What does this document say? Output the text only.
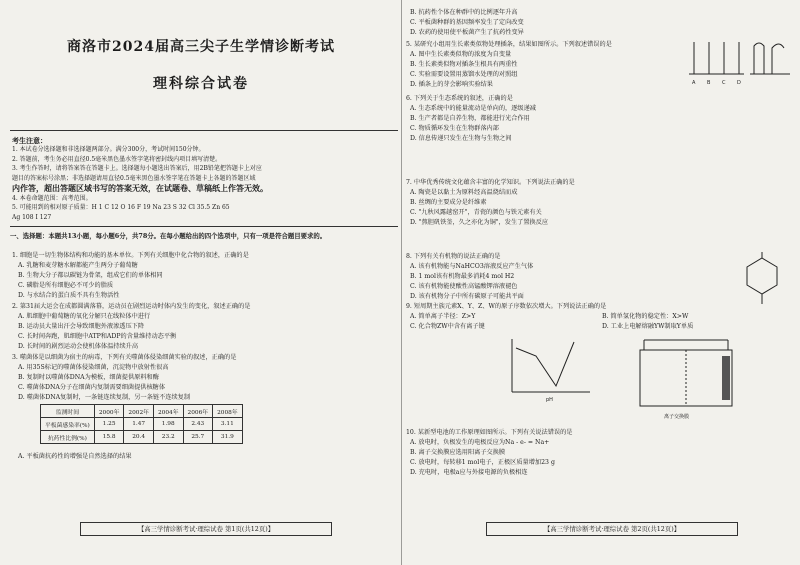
商洛市2024届高三尖子生学情诊断考试
理科综合试卷
考生注意：
1. 本试卷分选择题和非选择题两部分。满分300分，考试时间150分钟。
2. 答题前，考生务必用直径0.5毫米黑色墨水签字笔将密封线内项目填写清楚。
3. 考生作答时，请将答案答在答题卡上。选择题每小题选出答案后，用2B铅笔把答题卡上对应
题目的答案标号涂黑；非选择题请用直径0.5毫米黑色墨水签字笔在答题卡上各题的答题区域
内作答，超出答题区域书写的答案无效，在试题卷、草稿纸上作答无效。
4. 本卷命题范围：高考范围。
5. 可能用到的相对原子质量：H 1 C 12 O 16 F 19 Na 23 S 32 Cl 35.5 Zn 65
Ag 108 I 127
一、选择题：本题共13小题，每小题6分，共78分。在每小题给出的四个选项中，只有一项是符合题目要求的。
1. 细胞是一切生物体结构和功能的基本单位。下列有关细胞中化合物的叙述，正确的是
A. 乳糖和麦芽糖水解都能产生两分子葡萄糖
B. 生物大分子都以碳链为骨架，组成它们的单体相同
C. 磷脂是所有细胞必不可少的脂质
D. 与水结合的蛋白质不具有生物活性
2. 第31届大运会在成都圆满落幕，运动员在剧烈运动时体内发生的变化，叙述正确的是
A. 肌细胞中葡萄糖的氧化分解只在线粒体中进行
B. 运动员大量出汗会导致细胞外液渗透压下降
C. 长时间奔跑，肌细胞中ATP和ADP的含量维持动态平衡
D. 长时间的剧烈运动会使机体体温持续升高
3. 噬菌体是以细菌为宿主的病毒，下列有关噬菌体侵染细菌实验的叙述，正确的是
A. 用35S标记的噬菌体侵染细菌，沉淀物中放射性很高
B. 复制时以噬菌体DNA为模板，细菌提供原料和酶
C. 噬菌体DNA分子在细菌内复制需要细菌提供核糖体
D. 噬菌体DNA复制时，一条链连续复制，另一条链不连续复制
监测时间	2000年	2002年	2004年	2006年	2008年
平板菌感染率(%)	1.25	1.47	1.98	2.43	3.11
抗药性比例(%)	15.8	20.4	23.2	25.7	31.9
A. 平板菌抗药性的增强是自然选择的结果
【高三学情诊断考试·理综试卷 第1页(共12页)】
B. 抗药性个体在种群中的比例逐年升高
C. 平板菌种群的基因频率发生了定向改变
D. 农药的使用使平板菌产生了抗药性变异
5. 某研究小组用生长素类似物处理插条，结果如图所示。下列叙述错误的是
A. 图中生长素类似物的浓度为自变量
B. 生长素类似物对插条生根具有两重性
C. 实验需要设置用蒸馏水处理的对照组
D. 插条上的芽会影响实验结果	A B C D
6. 下列关于生态系统的叙述，正确的是
A. 生态系统中的能量流动是单向的，逐级递减
B. 生产者都是自养生物，都能进行光合作用
C. 物质循环发生在生物群落内部
D. 信息传递只发生在生物与生物之间
7. 中华优秀传统文化蕴含丰富的化学知识。下列说法正确的是
A. 陶瓷是以黏土为原料经高温烧结而成
B. 丝绸的主要成分是纤维素
C. "九秋风露越窑开"，青瓷的颜色与铁元素有关
D. "熬胆矾铁釜，久之亦化为铜"，发生了置换反应
8. 下列有关有机物的说法正确的是
A. 该有机物能与NaHCO3溶液反应产生气体
B. 1 mol该有机物最多消耗4 mol H2
C. 该有机物能使酸性高锰酸钾溶液褪色
D. 该有机物分子中所有碳原子可能共平面
9. 短周期主族元素X、Y、Z、W的原子序数依次增大。下列说法正确的是
A. 简单离子半径：Z>Y	B. 简单氢化物的稳定性：X>W
C. 化合物ZW中含有离子键	D. 工业上电解熔融YW制取Y单质
pH
离子交换膜
10. 某新型电池的工作原理如图所示。下列有关说法错误的是
A. 放电时，负极发生的电极反应为Na - e- = Na+
B. 离子交换膜应选用阳离子交换膜
C. 放电时，每转移1 mol电子，正极区质量增加23 g
D. 充电时，电极a应与外接电源的负极相连
【高三学情诊断考试·理综试卷 第2页(共12页)】
